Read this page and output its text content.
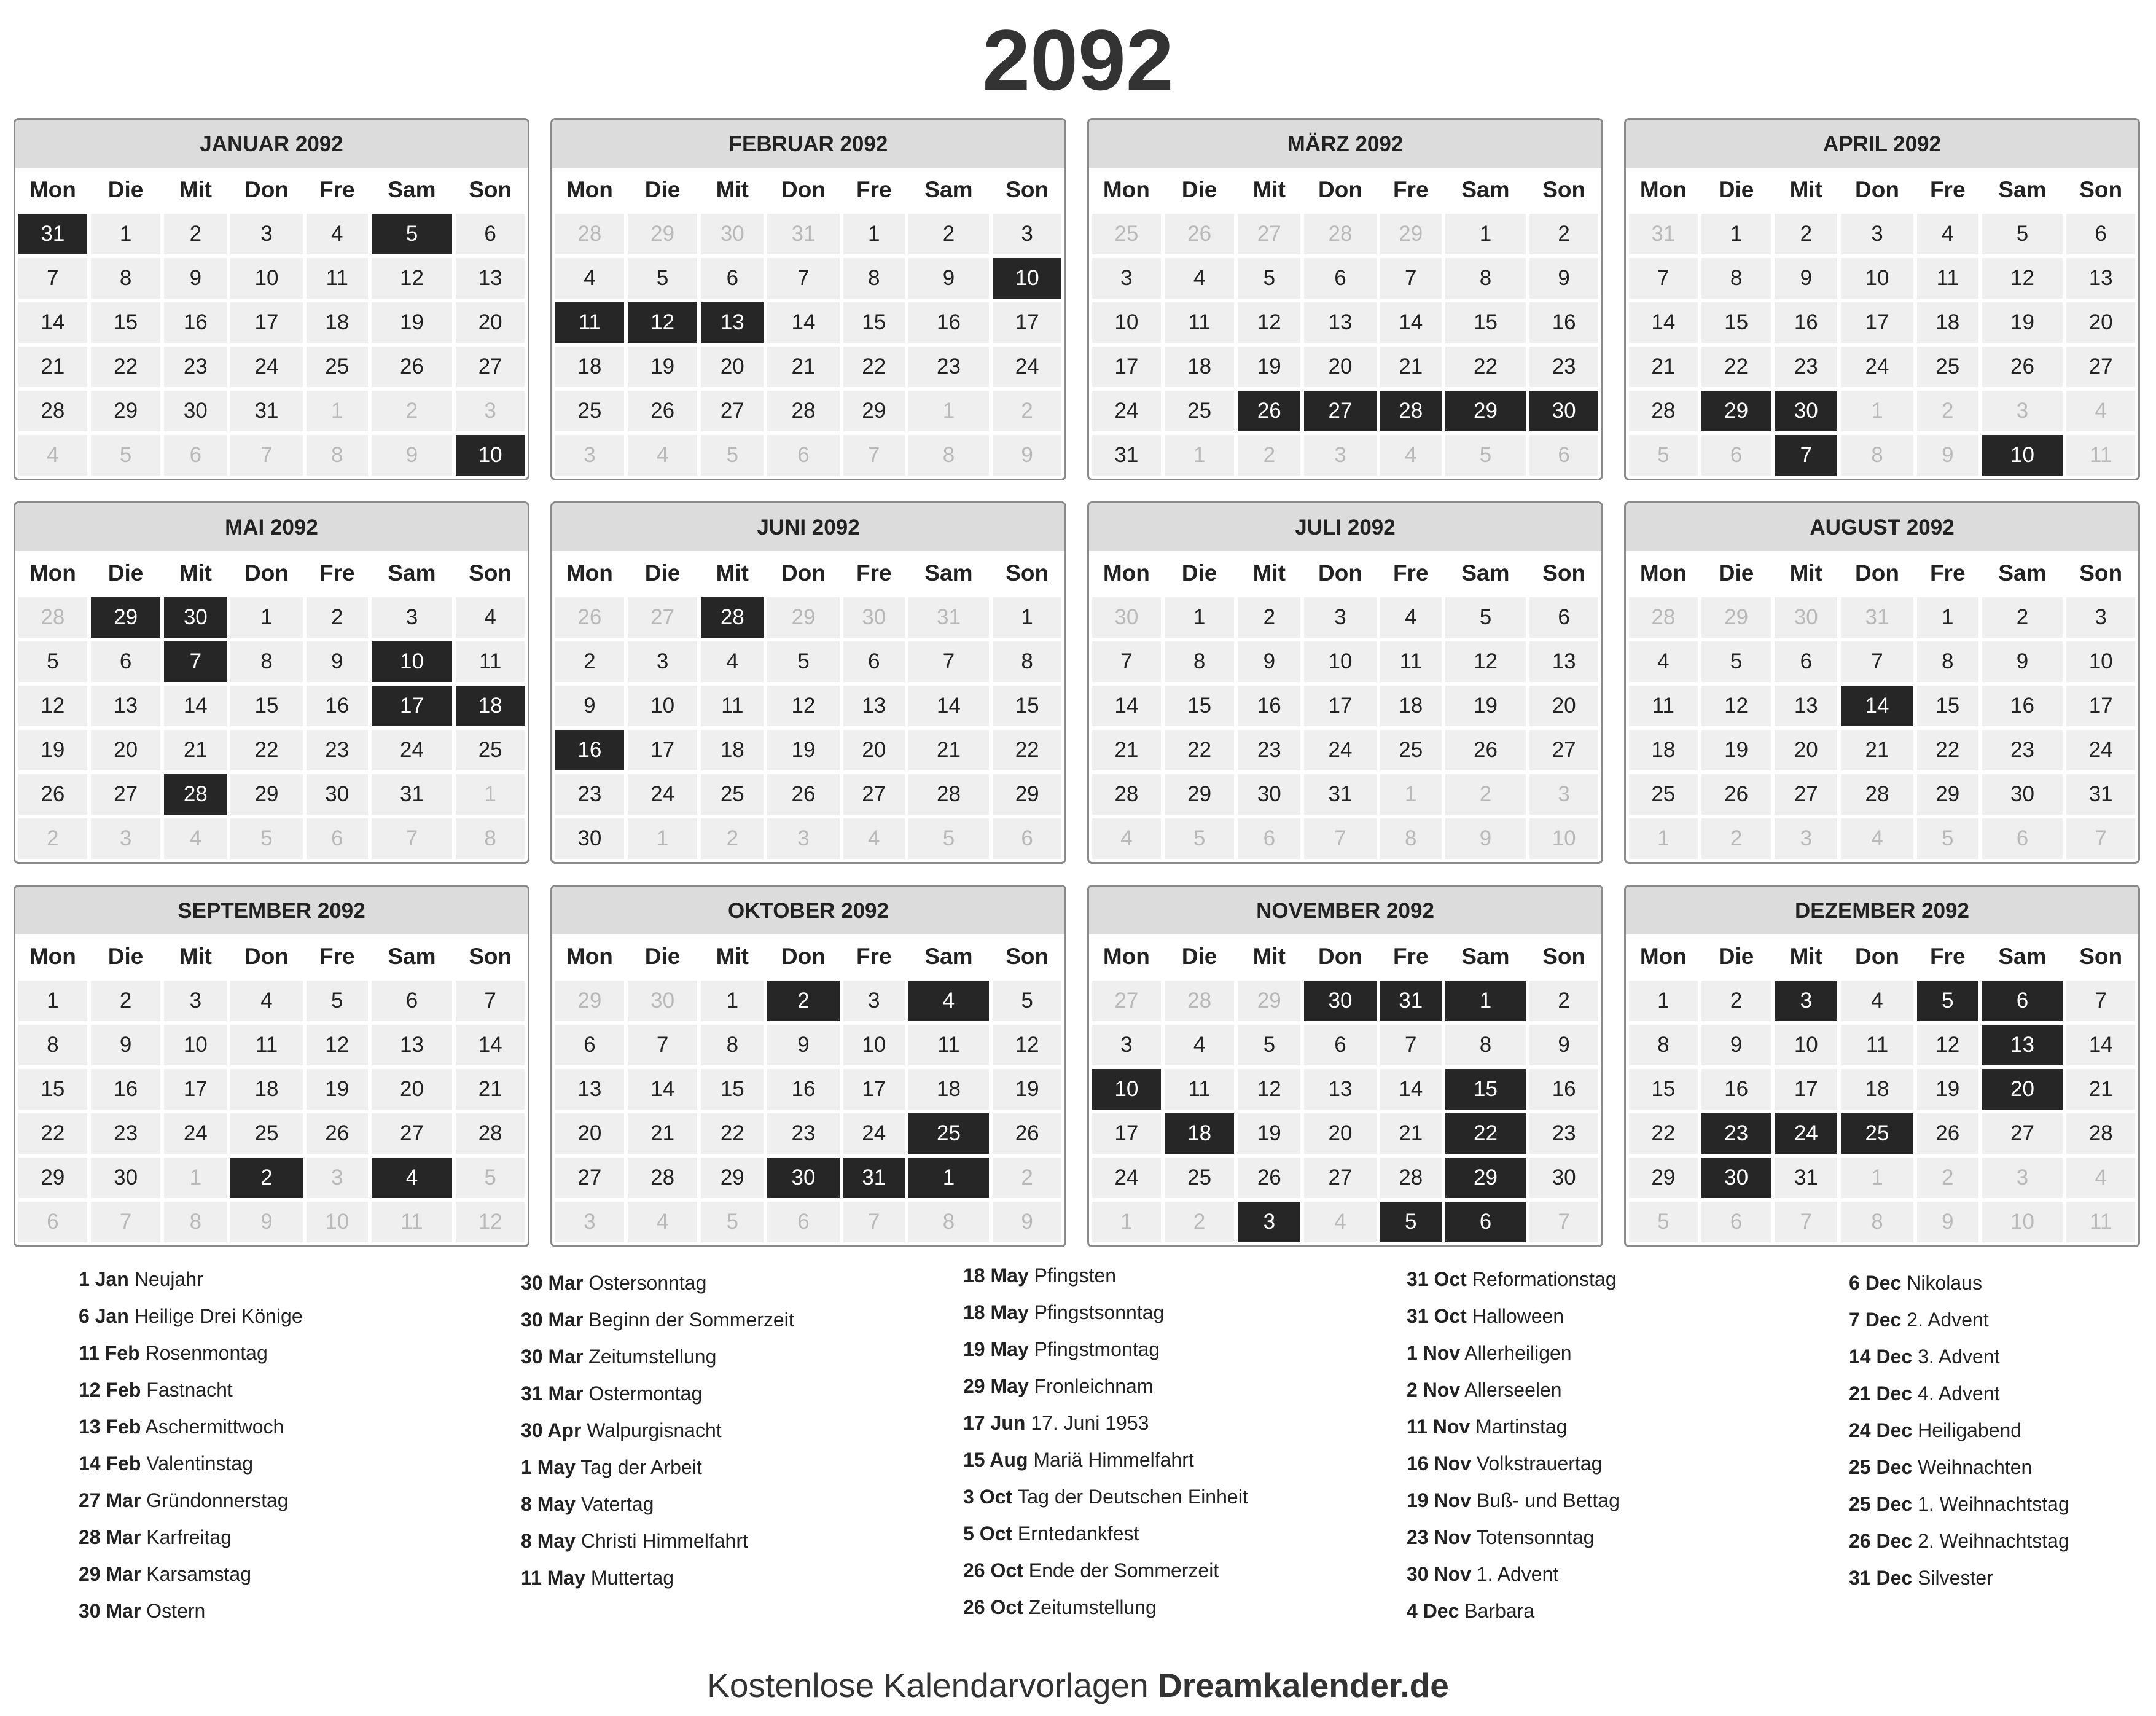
2092
JANUAR 2092
Mon	Die	Mit	Don	Fre	Sam	Son
31	1	2	3	4	5	6
7	8	9	10	11	12	13
14	15	16	17	18	19	20
21	22	23	24	25	26	27
28	29	30	31	1	2	3
4	5	6	7	8	9	10
FEBRUAR 2092
Mon	Die	Mit	Don	Fre	Sam	Son
28	29	30	31	1	2	3
4	5	6	7	8	9	10
11	12	13	14	15	16	17
18	19	20	21	22	23	24
25	26	27	28	29	1	2
3	4	5	6	7	8	9
MÄRZ 2092
Mon	Die	Mit	Don	Fre	Sam	Son
25	26	27	28	29	1	2
3	4	5	6	7	8	9
10	11	12	13	14	15	16
17	18	19	20	21	22	23
24	25	26	27	28	29	30
31	1	2	3	4	5	6
APRIL 2092
Mon	Die	Mit	Don	Fre	Sam	Son
31	1	2	3	4	5	6
7	8	9	10	11	12	13
14	15	16	17	18	19	20
21	22	23	24	25	26	27
28	29	30	1	2	3	4
5	6	7	8	9	10	11
MAI 2092
Mon	Die	Mit	Don	Fre	Sam	Son
28	29	30	1	2	3	4
5	6	7	8	9	10	11
12	13	14	15	16	17	18
19	20	21	22	23	24	25
26	27	28	29	30	31	1
2	3	4	5	6	7	8
JUNI 2092
Mon	Die	Mit	Don	Fre	Sam	Son
26	27	28	29	30	31	1
2	3	4	5	6	7	8
9	10	11	12	13	14	15
16	17	18	19	20	21	22
23	24	25	26	27	28	29
30	1	2	3	4	5	6
JULI 2092
Mon	Die	Mit	Don	Fre	Sam	Son
30	1	2	3	4	5	6
7	8	9	10	11	12	13
14	15	16	17	18	19	20
21	22	23	24	25	26	27
28	29	30	31	1	2	3
4	5	6	7	8	9	10
AUGUST 2092
Mon	Die	Mit	Don	Fre	Sam	Son
28	29	30	31	1	2	3
4	5	6	7	8	9	10
11	12	13	14	15	16	17
18	19	20	21	22	23	24
25	26	27	28	29	30	31
1	2	3	4	5	6	7
SEPTEMBER 2092
Mon	Die	Mit	Don	Fre	Sam	Son
1	2	3	4	5	6	7
8	9	10	11	12	13	14
15	16	17	18	19	20	21
22	23	24	25	26	27	28
29	30	1	2	3	4	5
6	7	8	9	10	11	12
OKTOBER 2092
Mon	Die	Mit	Don	Fre	Sam	Son
29	30	1	2	3	4	5
6	7	8	9	10	11	12
13	14	15	16	17	18	19
20	21	22	23	24	25	26
27	28	29	30	31	1	2
3	4	5	6	7	8	9
NOVEMBER 2092
Mon	Die	Mit	Don	Fre	Sam	Son
27	28	29	30	31	1	2
3	4	5	6	7	8	9
10	11	12	13	14	15	16
17	18	19	20	21	22	23
24	25	26	27	28	29	30
1	2	3	4	5	6	7
DEZEMBER 2092
Mon	Die	Mit	Don	Fre	Sam	Son
1	2	3	4	5	6	7
8	9	10	11	12	13	14
15	16	17	18	19	20	21
22	23	24	25	26	27	28
29	30	31	1	2	3	4
5	6	7	8	9	10	11
1 Jan Neujahr
6 Jan Heilige Drei Könige
11 Feb Rosenmontag
12 Feb Fastnacht
13 Feb Aschermittwoch
14 Feb Valentinstag
27 Mar Gründonnerstag
28 Mar Karfreitag
29 Mar Karsamstag
30 Mar Ostern
30 Mar Ostersonntag
30 Mar Beginn der Sommerzeit
30 Mar Zeitumstellung
31 Mar Ostermontag
30 Apr Walpurgisnacht
1 May Tag der Arbeit
8 May Vatertag
8 May Christi Himmelfahrt
11 May Muttertag
18 May Pfingsten
18 May Pfingstsonntag
19 May Pfingstmontag
29 May Fronleichnam
17 Jun 17. Juni 1953
15 Aug Mariä Himmelfahrt
3 Oct Tag der Deutschen Einheit
5 Oct Erntedankfest
26 Oct Ende der Sommerzeit
26 Oct Zeitumstellung
31 Oct Reformationstag
31 Oct Halloween
1 Nov Allerheiligen
2 Nov Allerseelen
11 Nov Martinstag
16 Nov Volkstrauertag
19 Nov Buß- und Bettag
23 Nov Totensonntag
30 Nov 1. Advent
4 Dec Barbara
6 Dec Nikolaus
7 Dec 2. Advent
14 Dec 3. Advent
21 Dec 4. Advent
24 Dec Heiligabend
25 Dec Weihnachten
25 Dec 1. Weihnachtstag
26 Dec 2. Weihnachtstag
31 Dec Silvester
Kostenlose Kalendarvorlagen Dreamkalender.de
